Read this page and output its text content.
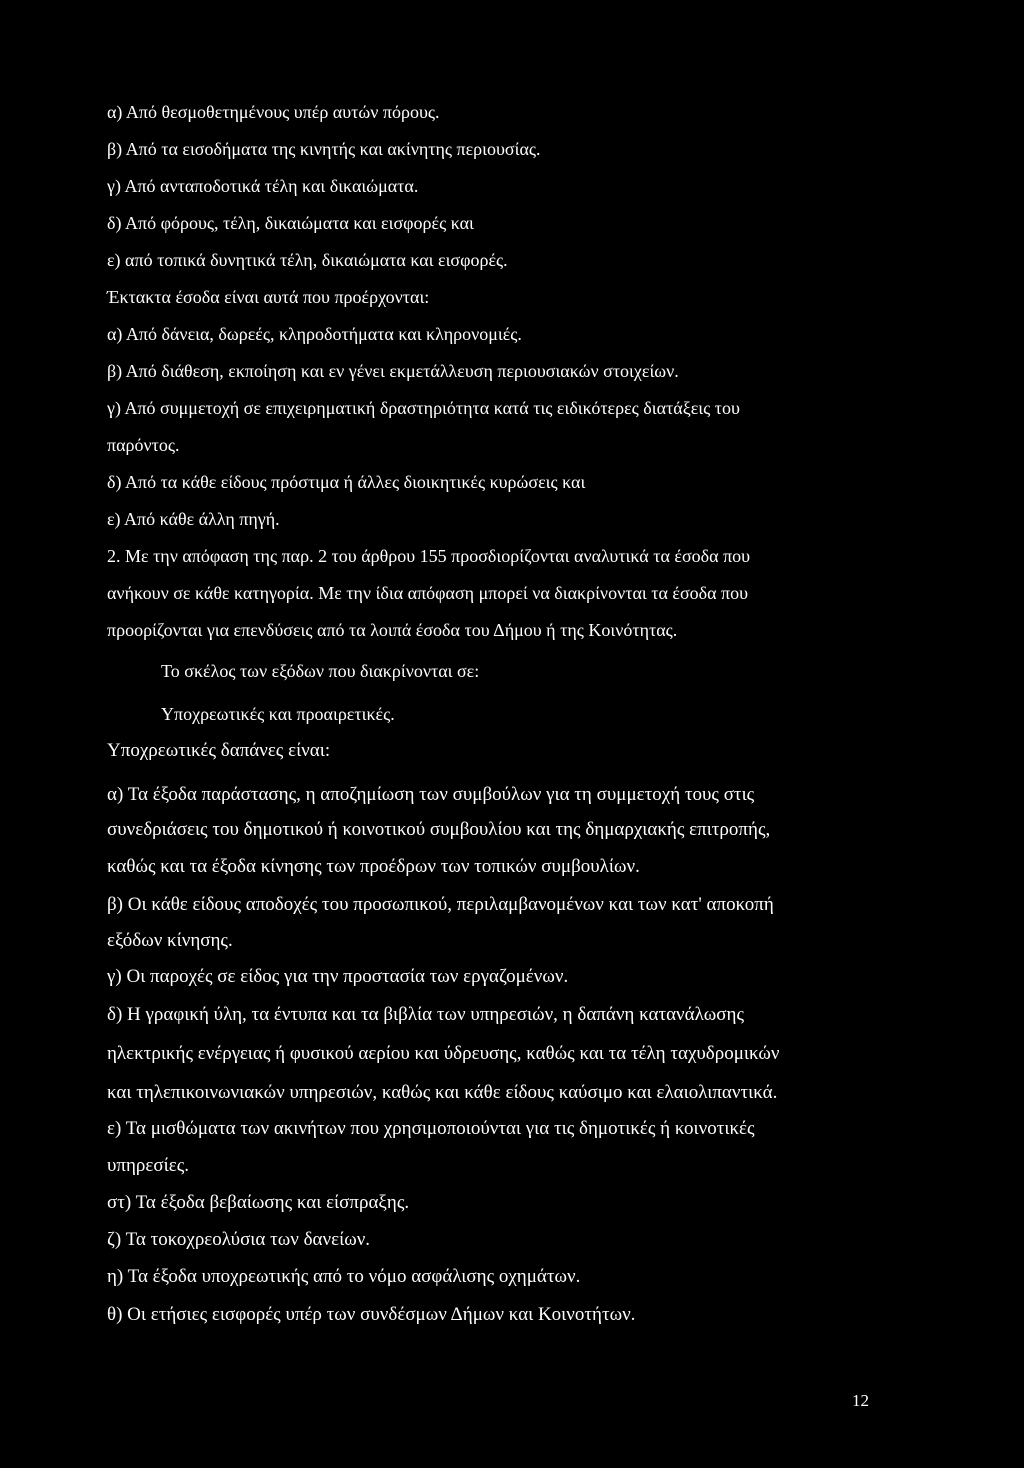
α) Από θεσμοθετημένους υπέρ αυτών πόρους.
β) Από τα εισοδήματα της κινητής και ακίνητης περιουσίας.
γ) Από ανταποδοτικά τέλη και δικαιώματα.
δ) Από φόρους, τέλη, δικαιώματα και εισφορές και
ε) από τοπικά δυνητικά τέλη, δικαιώματα και εισφορές.
Έκτακτα έσοδα είναι αυτά που προέρχονται:
α) Από δάνεια, δωρεές, κληροδοτήματα και κληρονομιές.
β) Από διάθεση, εκποίηση και εν γένει εκμετάλλευση περιουσιακών στοιχείων.
γ) Από συμμετοχή σε επιχειρηματική δραστηριότητα κατά τις ειδικότερες διατάξεις του
παρόντος.
δ) Από τα κάθε είδους πρόστιμα ή άλλες διοικητικές κυρώσεις και
ε) Από κάθε άλλη πηγή.
2. Με την απόφαση της παρ. 2 του άρθρου 155 προσδιορίζονται αναλυτικά τα έσοδα που
ανήκουν σε κάθε κατηγορία. Με την ίδια απόφαση μπορεί να διακρίνονται τα έσοδα που
προορίζονται για επενδύσεις από τα λοιπά έσοδα του Δήμου ή της Κοινότητας.
Το σκέλος των εξόδων που διακρίνονται σε:
Υποχρεωτικές και προαιρετικές.
Υποχρεωτικές δαπάνες είναι:
α) Τα έξοδα παράστασης, η αποζημίωση των συμβούλων για τη συμμετοχή τους στις
συνεδριάσεις του δημοτικού ή κοινοτικού συμβουλίου και της δημαρχιακής επιτροπής,
καθώς και τα έξοδα κίνησης των προέδρων των τοπικών συμβουλίων.
β) Οι κάθε είδους αποδοχές του προσωπικού, περιλαμβανομένων και των κατ' αποκοπή
εξόδων κίνησης.
γ) Οι παροχές σε είδος για την προστασία των εργαζομένων.
δ) Η γραφική ύλη, τα έντυπα και τα βιβλία των υπηρεσιών, η δαπάνη κατανάλωσης
ηλεκτρικής ενέργειας ή φυσικού αερίου και ύδρευσης, καθώς και τα τέλη ταχυδρομικών
και τηλεπικοινωνιακών υπηρεσιών, καθώς και κάθε είδους καύσιμο και ελαιολιπαντικά.
ε) Τα μισθώματα των ακινήτων που χρησιμοποιούνται για τις δημοτικές ή κοινοτικές
υπηρεσίες.
στ) Τα έξοδα βεβαίωσης και είσπραξης.
ζ) Τα τοκοχρεολύσια των δανείων.
η) Τα έξοδα υποχρεωτικής από το νόμο ασφάλισης οχημάτων.
θ) Οι ετήσιες εισφορές υπέρ των συνδέσμων Δήμων και Κοινοτήτων.
12
